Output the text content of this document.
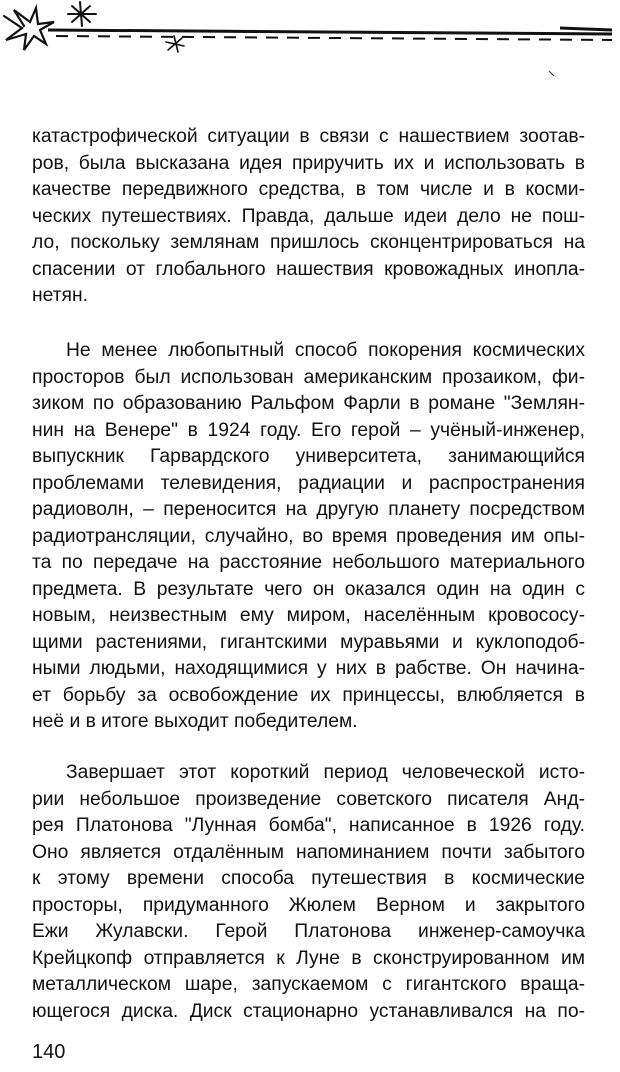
катастрофической ситуации в связи с нашествием зоотав-
ров, была высказана идея приручить их и использовать в
качестве передвижного средства, в том числе и в косми-
ческих путешествиях. Правда, дальше идеи дело не пош-
ло, поскольку землянам пришлось сконцентрироваться на
спасении от глобального нашествия кровожадных инопла-
нетян.
Не менее любопытный способ покорения космических
просторов был использован американским прозаиком, фи-
зиком по образованию Ральфом Фарли в романе "Землян-
нин на Венере" в 1924 году. Его герой – учёный-инженер,
выпускник Гарвардского университета, занимающийся
проблемами телевидения, радиации и распространения
радиоволн, – переносится на другую планету посредством
радиотрансляции, случайно, во время проведения им опы-
та по передаче на расстояние небольшого материального
предмета. В результате чего он оказался один на один с
новым, неизвестным ему миром, населённым кровососу-
щими растениями, гигантскими муравьями и куклоподоб-
ными людьми, находящимися у них в рабстве. Он начина-
ет борьбу за освобождение их принцессы, влюбляется в
неё и в итоге выходит победителем.
Завершает этот короткий период человеческой исто-
рии небольшое произведение советского писателя Анд-
рея Платонова "Лунная бомба", написанное в 1926 году.
Оно является отдалённым напоминанием почти забытого
к этому времени способа путешествия в космические
просторы, придуманного Жюлем Верном и закрытого
Ежи Жулавски. Герой Платонова инженер-самоучка
Крейцкопф отправляется к Луне в сконструированном им
металлическом шаре, запускаемом с гигантского враща-
ющегося диска. Диск стационарно устанавливался на по-
140
